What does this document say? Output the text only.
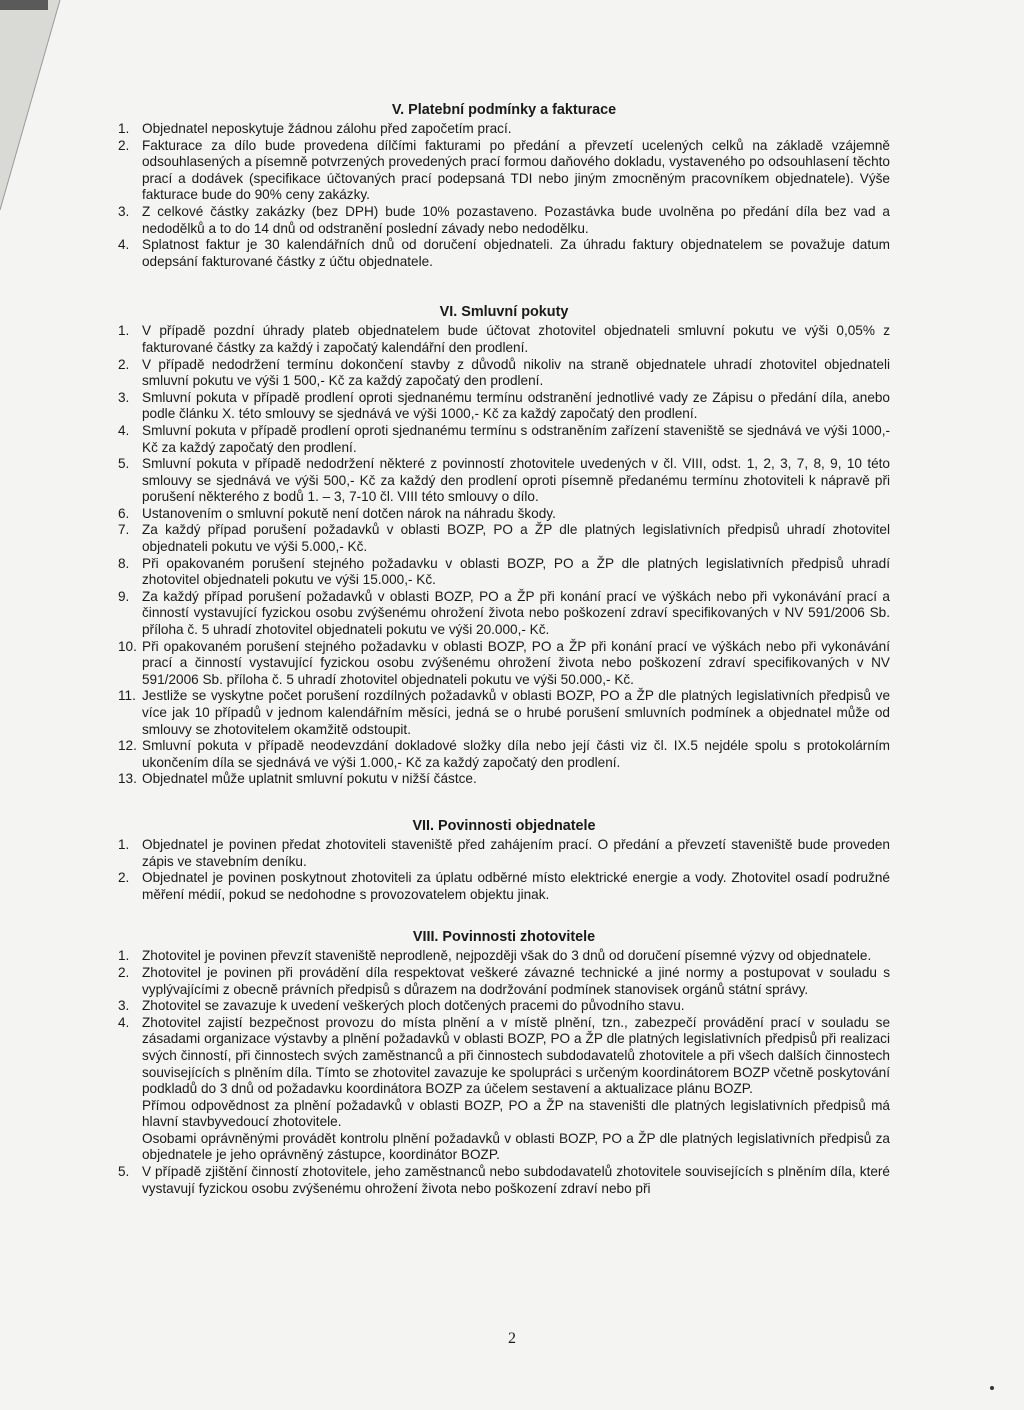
V. Platební podmínky a fakturace
1. Objednatel neposkytuje žádnou zálohu před započetím prací.
2. Fakturace za dílo bude provedena dílčími fakturami po předání a převzetí ucelených celků na základě vzájemně odsouhlasených a písemně potvrzených provedených prací formou daňového dokladu, vystaveného po odsouhlasení těchto prací a dodávek (specifikace účtovaných prací podepsaná TDI nebo jiným zmocněným pracovníkem objednatele). Výše fakturace bude do 90% ceny zakázky.
3. Z celkové částky zakázky (bez DPH) bude 10% pozastaveno. Pozastávka bude uvolněna po předání díla bez vad a nedodělků a to do 14 dnů od odstranění poslední závady nebo nedodělku.
4. Splatnost faktur je 30 kalendářních dnů od doručení objednateli. Za úhradu faktury objednatelem se považuje datum odepsání fakturované částky z účtu objednatele.
VI. Smluvní pokuty
1. V případě pozdní úhrady plateb objednatelem bude účtovat zhotovitel objednateli smluvní pokutu ve výši 0,05% z fakturované částky za každý i započatý kalendářní den prodlení.
2. V případě nedodržení termínu dokončení stavby z důvodů nikoliv na straně objednatele uhradí zhotovitel objednateli smluvní pokutu ve výši 1 500,- Kč za každý započatý den prodlení.
3. Smluvní pokuta v případě prodlení oproti sjednanému termínu odstranění jednotlivé vady ze Zápisu o předání díla, anebo podle článku X. této smlouvy se sjednává ve výši 1000,- Kč za každý započatý den prodlení.
4. Smluvní pokuta v případě prodlení oproti sjednanému termínu s odstraněním zařízení staveniště se sjednává ve výši 1000,- Kč za každý započatý den prodlení.
5. Smluvní pokuta v případě nedodržení některé z povinností zhotovitele uvedených v čl. VIII, odst. 1, 2, 3, 7, 8, 9, 10 této smlouvy se sjednává ve výši 500,- Kč za každý den prodlení oproti písemně předanému termínu zhotoviteli k nápravě při porušení některého z bodů 1. – 3, 7-10 čl. VIII této smlouvy o dílo.
6. Ustanovením o smluvní pokutě není dotčen nárok na náhradu škody.
7. Za každý případ porušení požadavků v oblasti BOZP, PO a ŽP dle platných legislativních předpisů uhradí zhotovitel objednateli pokutu ve výši 5.000,- Kč.
8. Při opakovaném porušení stejného požadavku v oblasti BOZP, PO a ŽP dle platných legislativních předpisů uhradí zhotovitel objednateli pokutu ve výši 15.000,- Kč.
9. Za každý případ porušení požadavků v oblasti BOZP, PO a ŽP při konání prací ve výškách nebo při vykonávání prací a činností vystavující fyzickou osobu zvýšenému ohrožení života nebo poškození zdraví specifikovaných v NV 591/2006 Sb. příloha č. 5 uhradí zhotovitel objednateli pokutu ve výši 20.000,- Kč.
10. Při opakovaném porušení stejného požadavku v oblasti BOZP, PO a ŽP při konání prací ve výškách nebo při vykonávání prací a činností vystavující fyzickou osobu zvýšenému ohrožení života nebo poškození zdraví specifikovaných v NV 591/2006 Sb. příloha č. 5 uhradí zhotovitel objednateli pokutu ve výši 50.000,- Kč.
11. Jestliže se vyskytne počet porušení rozdílných požadavků v oblasti BOZP, PO a ŽP dle platných legislativních předpisů ve více jak 10 případů v jednom kalendářním měsíci, jedná se o hrubé porušení smluvních podmínek a objednatel může od smlouvy se zhotovitelem okamžitě odstoupit.
12. Smluvní pokuta v případě neodevzdání dokladové složky díla nebo její části viz čl. IX.5 nejdéle spolu s protokolárním ukončením díla se sjednává ve výši 1.000,- Kč za každý započatý den prodlení.
13. Objednatel může uplatnit smluvní pokutu v nižší částce.
VII. Povinnosti objednatele
1. Objednatel je povinen předat zhotoviteli staveniště před zahájením prací. O předání a převzetí staveniště bude proveden zápis ve stavebním deníku.
2. Objednatel je povinen poskytnout zhotoviteli za úplatu odběrné místo elektrické energie a vody. Zhotovitel osadí podružné měření médií, pokud se nedohodne s provozovatelem objektu jinak.
VIII. Povinnosti zhotovitele
1. Zhotovitel je povinen převzít staveniště neprodleně, nejpozději však do 3 dnů od doručení písemné výzvy od objednatele.
2. Zhotovitel je povinen při provádění díla respektovat veškeré závazné technické a jiné normy a postupovat v souladu s vyplývajícími z obecně právních předpisů s důrazem na dodržování podmínek stanovisek orgánů státní správy.
3. Zhotovitel se zavazuje k uvedení veškerých ploch dotčených pracemi do původního stavu.
4. Zhotovitel zajistí bezpečnost provozu do místa plnění a v místě plnění, tzn., zabezpečí provádění prací v souladu se zásadami organizace výstavby a plnění požadavků v oblasti BOZP, PO a ŽP dle platných legislativních předpisů při realizaci svých činností, při činnostech svých zaměstnanců a při činnostech subdodavatelů zhotovitele a při všech dalších činnostech souvisejících s plněním díla. Tímto se zhotovitel zavazuje ke spolupráci s určeným koordinátorem BOZP včetně poskytování podkladů do 3 dnů od požadavku koordinátora BOZP za účelem sestavení a aktualizace plánu BOZP.
Přímou odpovědnost za plnění požadavků v oblasti BOZP, PO a ŽP na staveništi dle platných legislativních předpisů má hlavní stavbyvedoucí zhotovitele.
Osobami oprávněnými provádět kontrolu plnění požadavků v oblasti BOZP, PO a ŽP dle platných legislativních předpisů za objednatele je jeho oprávněný zástupce, koordinátor BOZP.
5. V případě zjištění činností zhotovitele, jeho zaměstnanců nebo subdodavatelů zhotovitele souvisejících s plněním díla, které vystavují fyzickou osobu zvýšenému ohrožení života nebo poškození zdraví nebo při
2
